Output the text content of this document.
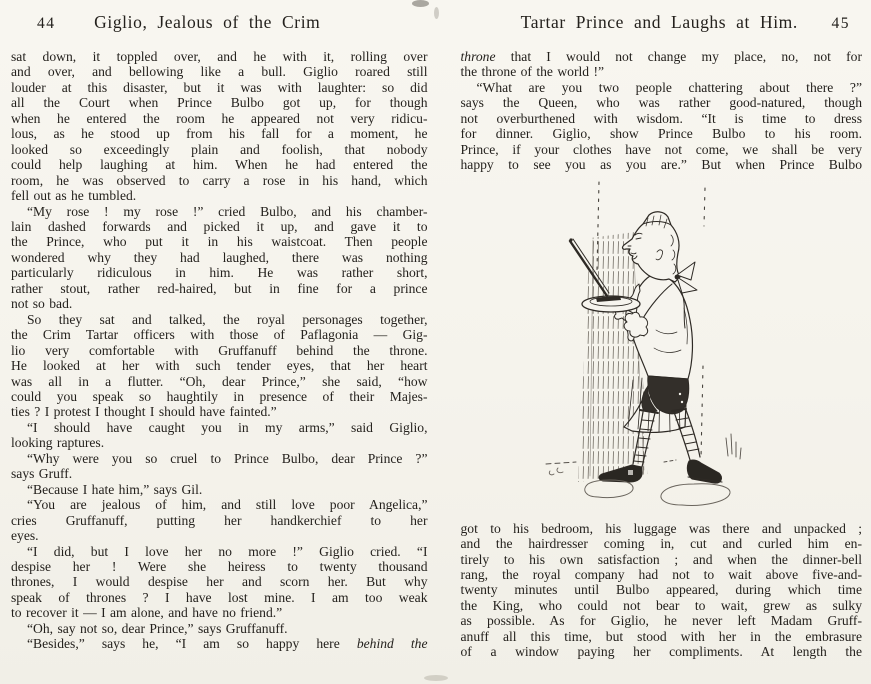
44	Giglio, Jealous of the Crim
sat down, it toppled over, and he with it, rolling over
and over, and bellowing like a bull. Giglio roared still
louder at this disaster, but it was with laughter: so did
all the Court when Prince Bulbo got up, for though
when he entered the room he appeared not very ridicu-
lous, as he stood up from his fall for a moment, he
looked so exceedingly plain and foolish, that nobody
could help laughing at him. When he had entered the
room, he was observed to carry a rose in his hand, which
fell out as he tumbled.
“My rose ! my rose !” cried Bulbo, and his chamber-
lain dashed forwards and picked it up, and gave it to
the Prince, who put it in his waistcoat. Then people
wondered why they had laughed, there was nothing
particularly ridiculous in him. He was rather short,
rather stout, rather red-haired, but in fine for a prince
not so bad.
So they sat and talked, the royal personages together,
the Crim Tartar officers with those of Paflagonia — Gig-
lio very comfortable with Gruffanuff behind the throne.
He looked at her with such tender eyes, that her heart
was all in a flutter. “Oh, dear Prince,” she said, “how
could you speak so haughtily in presence of their Majes-
ties ? I protest I thought I should have fainted.”
“I should have caught you in my arms,” said Giglio,
looking raptures.
“Why were you so cruel to Prince Bulbo, dear Prince ?”
says Gruff.
“Because I hate him,” says Gil.
“You are jealous of him, and still love poor Angelica,”
cries Gruffanuff, putting her handkerchief to her
eyes.
“I did, but I love her no more !” Giglio cried. “I
despise her ! Were she heiress to twenty thousand
thrones, I would despise her and scorn her. But why
speak of thrones ? I have lost mine. I am too weak
to recover it — I am alone, and have no friend.”
“Oh, say not so, dear Prince,” says Gruffanuff.
“Besides,” says he, “I am so happy here behind the
Tartar Prince and Laughs at Him.	45
throne that I would not change my place, no, not for
the throne of the world !”
“What are you two people chattering about there ?”
says the Queen, who was rather good-natured, though
not overburthened with wisdom. “It is time to dress
for dinner. Giglio, show Prince Bulbo to his room.
Prince, if your clothes have not come, we shall be very
happy to see you as you are.” But when Prince Bulbo
got to his bedroom, his luggage was there and unpacked ;
and the hairdresser coming in, cut and curled him en-
tirely to his own satisfaction ; and when the dinner-bell
rang, the royal company had not to wait above five-and-
twenty minutes until Bulbo appeared, during which time
the King, who could not bear to wait, grew as sulky
as possible. As for Giglio, he never left Madam Gruff-
anuff all this time, but stood with her in the embrasure
of a window paying her compliments. At length the
